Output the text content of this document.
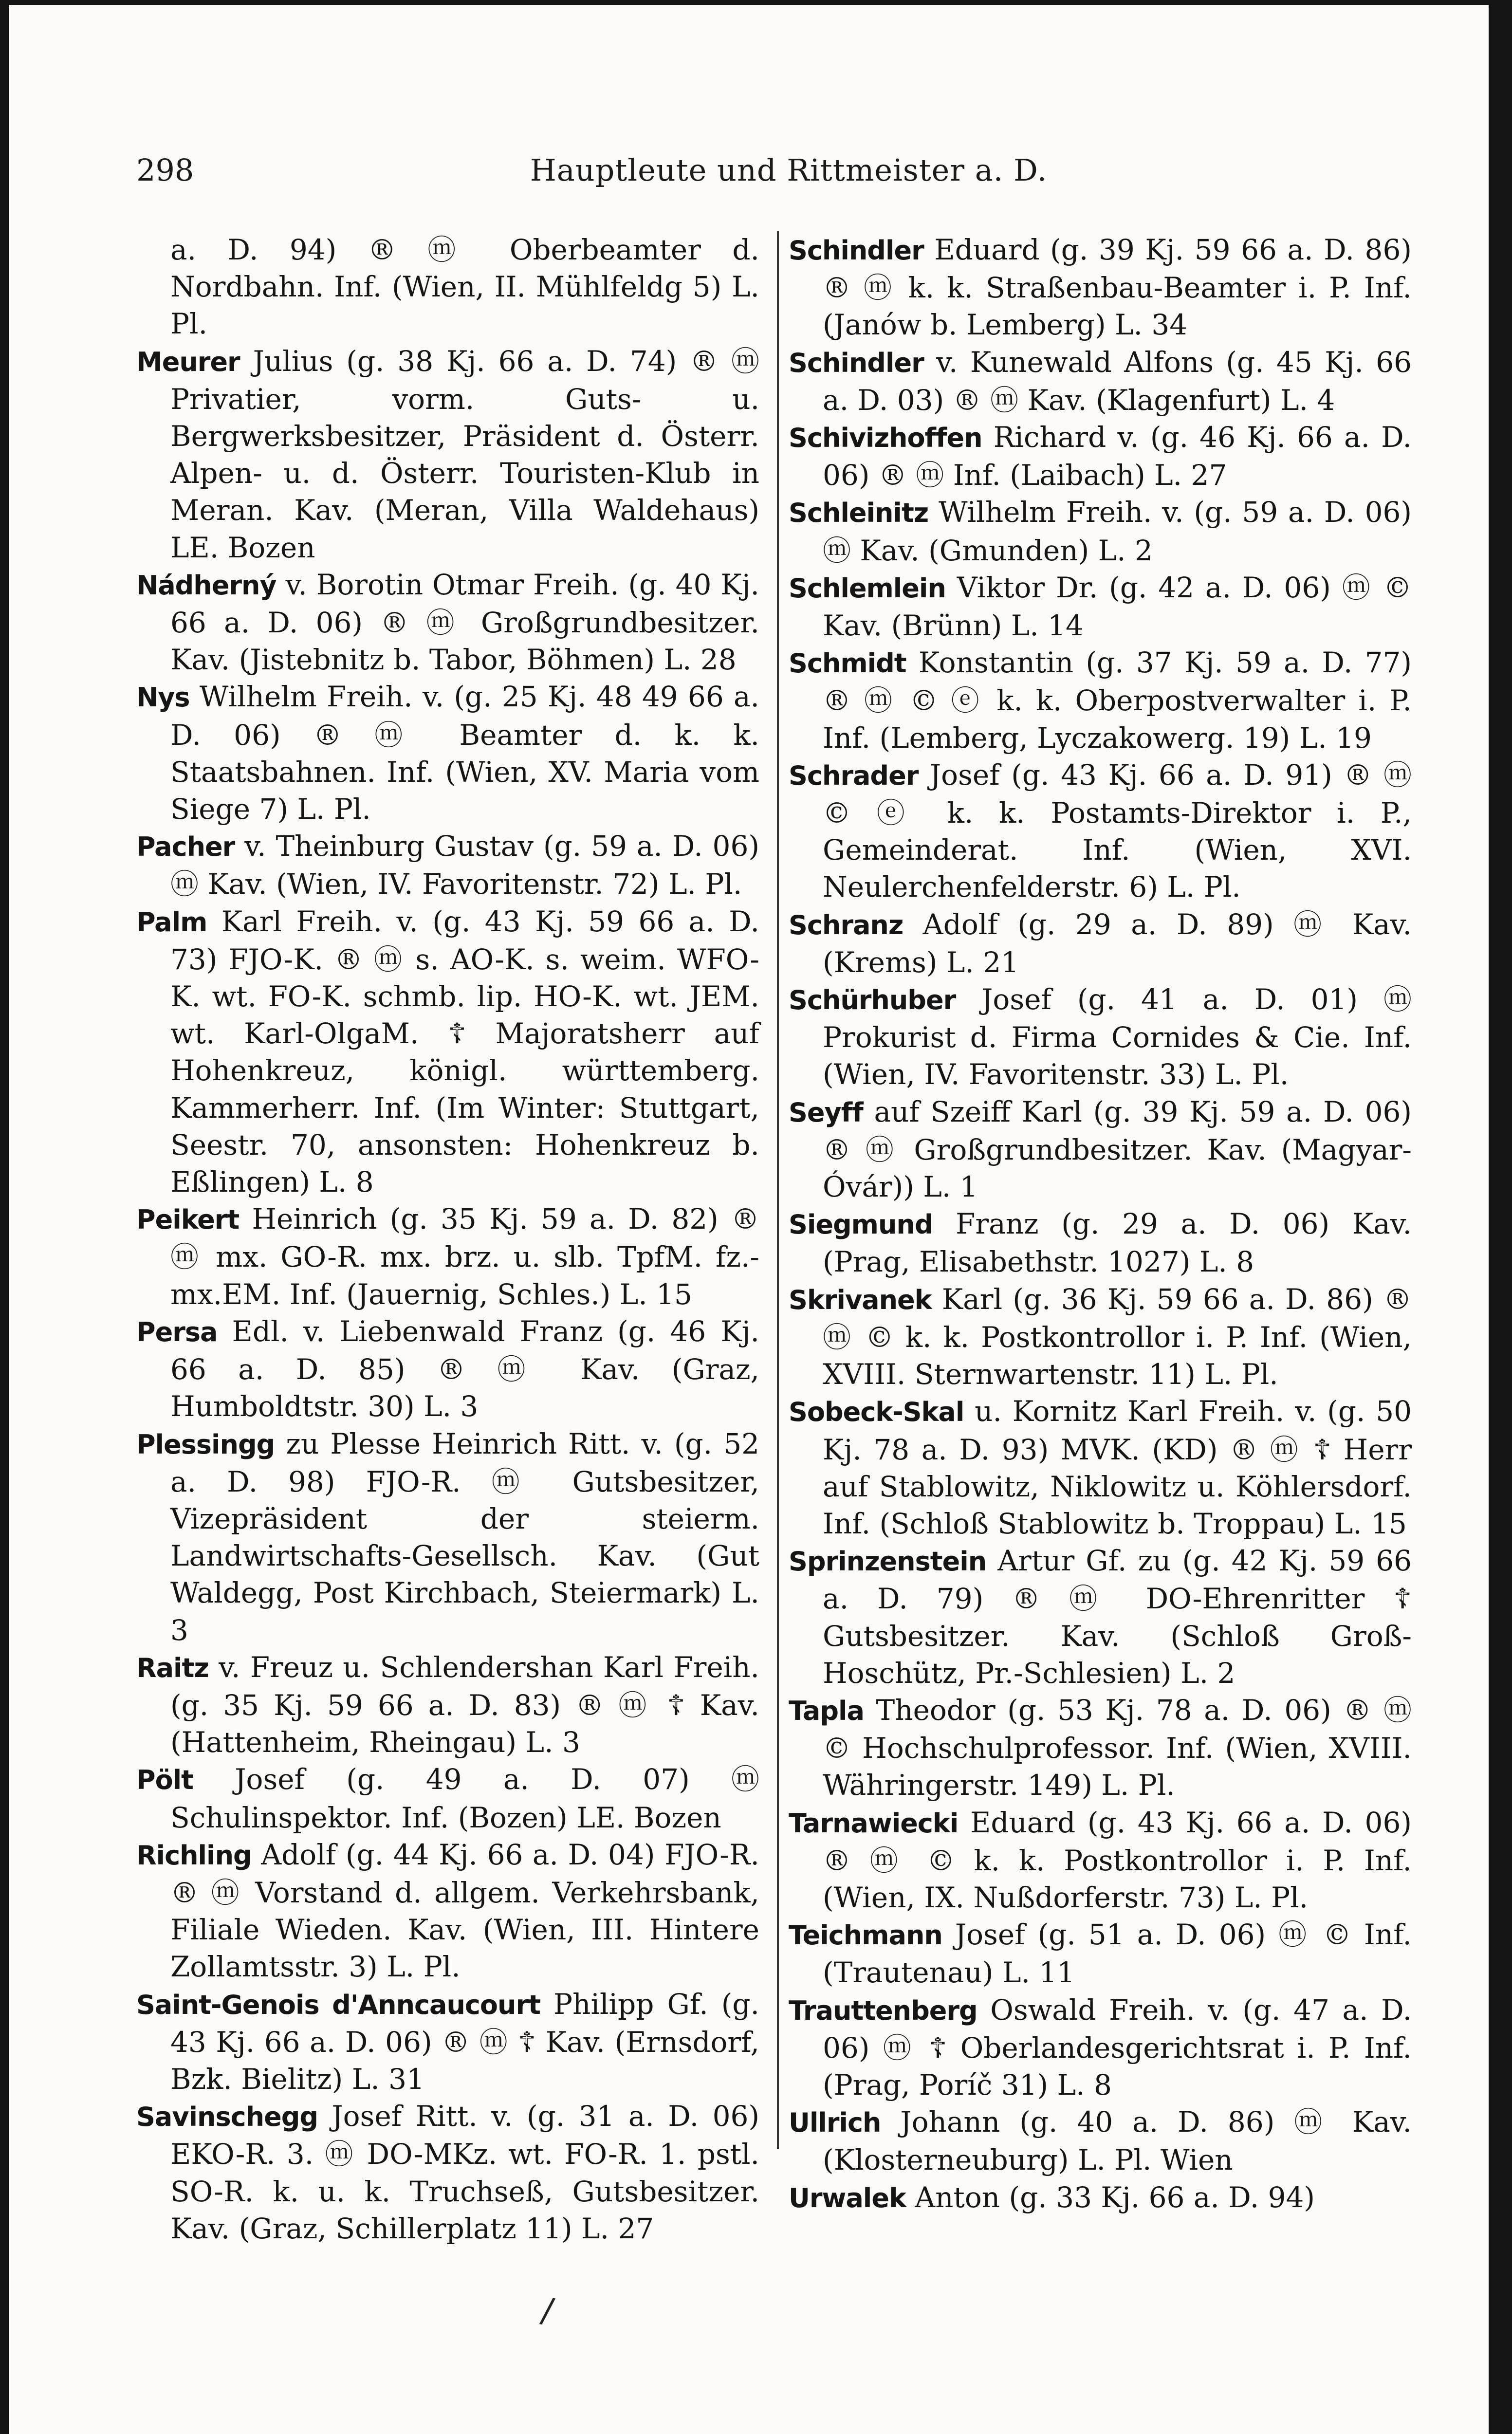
298	Hauptleute und Rittmeister a. D.

a. D. 94) ® ⓜ Oberbeamter d. Nordbahn. Inf. (Wien, II. Mühlfeldg 5) L. Pl.

Meurer Julius (g. 38 Kj. 66 a. D. 74) ® ⓜ Privatier, vorm. Guts- u. Bergwerksbesitzer, Präsident d. Österr. Alpen- u. d. Österr. Touristen-Klub in Meran. Kav. (Meran, Villa Waldehaus) LE. Bozen

Nádherný v. Borotin Otmar Freih. (g. 40 Kj. 66 a. D. 06) ® ⓜ Großgrundbesitzer. Kav. (Jistebnitz b. Tabor, Böhmen) L. 28

Nys Wilhelm Freih. v. (g. 25 Kj. 48 49 66 a. D. 06) ® ⓜ Beamter d. k. k. Staatsbahnen. Inf. (Wien, XV. Maria vom Siege 7) L. Pl.

Pacher v. Theinburg Gustav (g. 59 a. D. 06) ⓜ Kav. (Wien, IV. Favoritenstr. 72) L. Pl.

Palm Karl Freih. v. (g. 43 Kj. 59 66 a. D. 73) FJO-K. ® ⓜ s. AO-K. s. weim. WFO-K. wt. FO-K. schmb. lip. HO-K. wt. JEM. wt. Karl-OlgaM. ☦ Majoratsherr auf Hohenkreuz, königl. württemberg. Kammerherr. Inf. (Im Winter: Stuttgart, Seestr. 70, ansonsten: Hohenkreuz b. Eßlingen) L. 8

Peikert Heinrich (g. 35 Kj. 59 a. D. 82) ® ⓜ mx. GO-R. mx. brz. u. slb. TpfM. fz.-mx.EM. Inf. (Jauernig, Schles.) L. 15

Persa Edl. v. Liebenwald Franz (g. 46 Kj. 66 a. D. 85) ® ⓜ Kav. (Graz, Humboldtstr. 30) L. 3

Plessingg zu Plesse Heinrich Ritt. v. (g. 52 a. D. 98) FJO-R. ⓜ Gutsbesitzer, Vizepräsident der steierm. Landwirtschafts-Gesellsch. Kav. (Gut Waldegg, Post Kirchbach, Steiermark) L. 3

Raitz v. Freuz u. Schlendershan Karl Freih. (g. 35 Kj. 59 66 a. D. 83) ® ⓜ ☦ Kav. (Hattenheim, Rheingau) L. 3

Pölt Josef (g. 49 a. D. 07) ⓜ Schulinspektor. Inf. (Bozen) LE. Bozen

Richling Adolf (g. 44 Kj. 66 a. D. 04) FJO-R. ® ⓜ Vorstand d. allgem. Verkehrsbank, Filiale Wieden. Kav. (Wien, III. Hintere Zollamtsstr. 3) L. Pl.

Saint-Genois d'Anncaucourt Philipp Gf. (g. 43 Kj. 66 a. D. 06) ® ⓜ ☦ Kav. (Ernsdorf, Bzk. Bielitz) L. 31

Savinschegg Josef Ritt. v. (g. 31 a. D. 06) EKO-R. 3. ⓜ DO-MKz. wt. FO-R. 1. pstl. SO-R. k. u. k. Truchseß, Gutsbesitzer. Kav. (Graz, Schillerplatz 11) L. 27

Schindler Eduard (g. 39 Kj. 59 66 a. D. 86) ® ⓜ k. k. Straßenbau-Beamter i. P. Inf. (Janów b. Lemberg) L. 34

Schindler v. Kunewald Alfons (g. 45 Kj. 66 a. D. 03) ® ⓜ Kav. (Klagenfurt) L. 4

Schivizhoffen Richard v. (g. 46 Kj. 66 a. D. 06) ® ⓜ Inf. (Laibach) L. 27

Schleinitz Wilhelm Freih. v. (g. 59 a. D. 06) ⓜ Kav. (Gmunden) L. 2

Schlemlein Viktor Dr. (g. 42 a. D. 06) ⓜ © Kav. (Brünn) L. 14

Schmidt Konstantin (g. 37 Kj. 59 a. D. 77) ® ⓜ © ⓔ k. k. Oberpostverwalter i. P. Inf. (Lemberg, Lyczakowerg. 19) L. 19

Schrader Josef (g. 43 Kj. 66 a. D. 91) ® ⓜ © ⓔ k. k. Postamts-Direktor i. P., Gemeinderat. Inf. (Wien, XVI. Neulerchenfelderstr. 6) L. Pl.

Schranz Adolf (g. 29 a. D. 89) ⓜ Kav. (Krems) L. 21

Schürhuber Josef (g. 41 a. D. 01) ⓜ Prokurist d. Firma Cornides & Cie. Inf. (Wien, IV. Favoritenstr. 33) L. Pl.

Seyff auf Szeiff Karl (g. 39 Kj. 59 a. D. 06) ® ⓜ Großgrundbesitzer. Kav. (Magyar-Óvár)) L. 1

Siegmund Franz (g. 29 a. D. 06) Kav. (Prag, Elisabethstr. 1027) L. 8

Skrivanek Karl (g. 36 Kj. 59 66 a. D. 86) ® ⓜ © k. k. Postkontrollor i. P. Inf. (Wien, XVIII. Sternwartenstr. 11) L. Pl.

Sobeck-Skal u. Kornitz Karl Freih. v. (g. 50 Kj. 78 a. D. 93) MVK. (KD) ® ⓜ ☦ Herr auf Stablowitz, Niklowitz u. Köhlersdorf. Inf. (Schloß Stablowitz b. Troppau) L. 15

Sprinzenstein Artur Gf. zu (g. 42 Kj. 59 66 a. D. 79) ® ⓜ DO-Ehrenritter ☦ Gutsbesitzer. Kav. (Schloß Groß-Hoschütz, Pr.-Schlesien) L. 2

Tapla Theodor (g. 53 Kj. 78 a. D. 06) ® ⓜ © Hochschulprofessor. Inf. (Wien, XVIII. Währingerstr. 149) L. Pl.

Tarnawiecki Eduard (g. 43 Kj. 66 a. D. 06) ® ⓜ © k. k. Postkontrollor i. P. Inf. (Wien, IX. Nußdorferstr. 73) L. Pl.

Teichmann Josef (g. 51 a. D. 06) ⓜ © Inf. (Trautenau) L. 11

Trauttenberg Oswald Freih. v. (g. 47 a. D. 06) ⓜ ☦ Oberlandesgerichtsrat i. P. Inf. (Prag, Poríč 31) L. 8

Ullrich Johann (g. 40 a. D. 86) ⓜ Kav. (Klosterneuburg) L. Pl. Wien

Urwalek Anton (g. 33 Kj. 66 a. D. 94)

/
